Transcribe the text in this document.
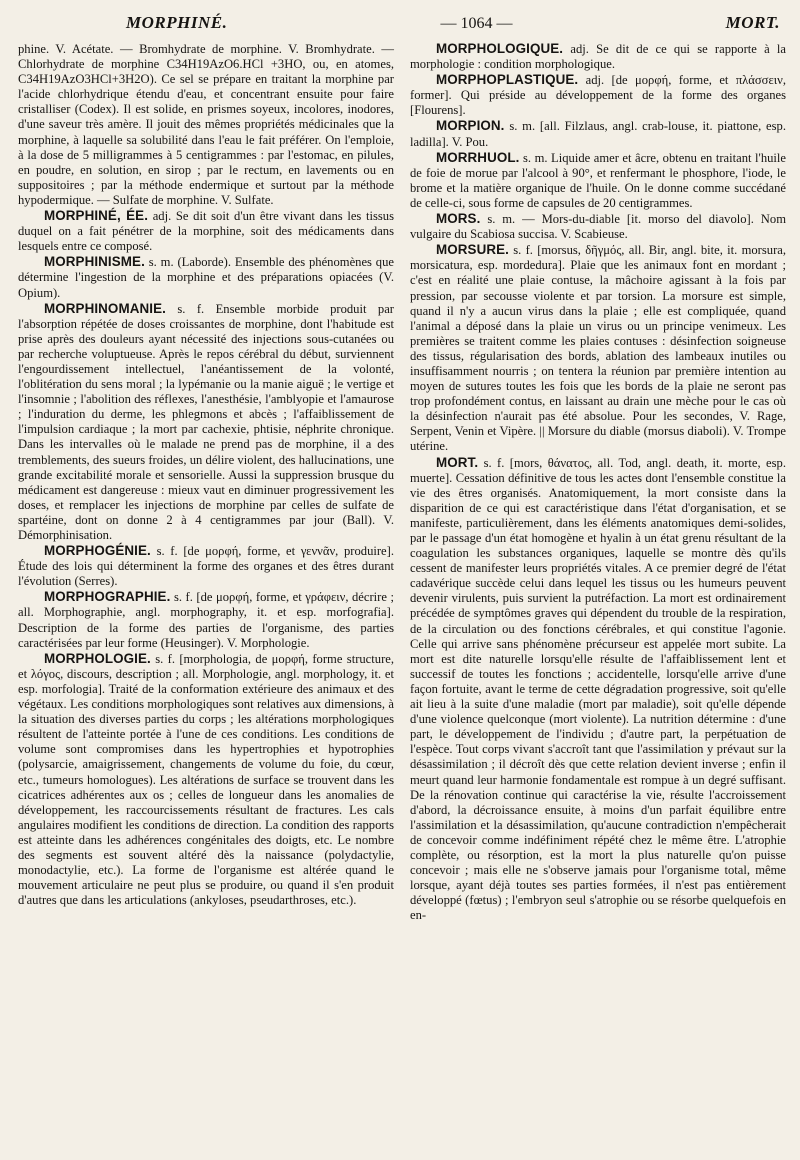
MORPHINÉ.	— 1064 —	MORT.

phine. V. Acétate. — Bromhydrate de morphine. V. Bromhydrate. — Chlorhydrate de morphine C34H19AzO6.HCl +3HO, ou, en atomes, C34H19AzO3HCl+3H2O). Ce sel se prépare en traitant la morphine par l'acide chlorhydrique étendu d'eau, et concentrant ensuite pour faire cristalliser (Codex). Il est solide, en prismes soyeux, incolores, inodores, d'une saveur très amère. Il jouit des mêmes propriétés médicinales que la morphine, à laquelle sa solubilité dans l'eau le fait préférer. On l'emploie, à la dose de 5 milligrammes à 5 centigrammes : par l'estomac, en pilules, en poudre, en solution, en sirop ; par le rectum, en lavements ou en suppositoires ; par la méthode endermique et surtout par la méthode hypodermique. — Sulfate de morphine. V. Sulfate.

MORPHINÉ, ÉE. adj. Se dit soit d'un être vivant dans les tissus duquel on a fait pénétrer de la morphine, soit des médicaments dans lesquels entre ce composé.

MORPHINISME. s. m. (Laborde). Ensemble des phénomènes que détermine l'ingestion de la morphine et des préparations opiacées (V. Opium).

MORPHINOMANIE. s. f. Ensemble morbide produit par l'absorption répétée de doses croissantes de morphine, dont l'habitude est prise après des douleurs ayant nécessité des injections sous-cutanées ou par recherche voluptueuse. Après le repos cérébral du début, surviennent l'engourdissement intellectuel, l'anéantissement de la volonté, l'oblitération du sens moral ; la lypémanie ou la manie aiguë ; le vertige et l'insomnie ; l'abolition des réflexes, l'anesthésie, l'amblyopie et l'amaurose ; l'induration du derme, les phlegmons et abcès ; l'affaiblissement de l'impulsion cardiaque ; la mort par cachexie, phtisie, néphrite chronique. Dans les intervalles où le malade ne prend pas de morphine, il a des tremblements, des sueurs froides, un délire violent, des hallucinations, une grande excitabilité morale et sensorielle. Aussi la suppression brusque du médicament est dangereuse : mieux vaut en diminuer progressivement les doses, et remplacer les injections de morphine par celles de sulfate de spartéine, dont on donne 2 à 4 centigrammes par jour (Ball). V. Démorphinisation.

MORPHOGÉNIE. s. f. [de μορφή, forme, et γεννᾶν, produire]. Étude des lois qui déterminent la forme des organes et des êtres durant l'évolution (Serres).

MORPHOGRAPHIE. s. f. [de μορφή, forme, et γράφειν, décrire ; all. Morphographie, angl. morphography, it. et esp. morfografia]. Description de la forme des parties de l'organisme, des parties caractérisées par leur forme (Heusinger). V. Morphologie.

MORPHOLOGIE. s. f. [morphologia, de μορφή, forme structure, et λόγος, discours, description ; all. Morphologie, angl. morphology, it. et esp. morfologia]. Traité de la conformation extérieure des animaux et des végétaux. Les conditions morphologiques sont relatives aux dimensions, à la situation des diverses parties du corps ; les altérations morphologiques résultent de l'atteinte portée à l'une de ces conditions. Les conditions de volume sont compromises dans les hypertrophies et hypotrophies (polysarcie, amaigrissement, changements de volume du foie, du cœur, etc., tumeurs homologues). Les altérations de surface se trouvent dans les cicatrices adhérentes aux os ; celles de longueur dans les anomalies de développement, les raccourcissements résultant de fractures. Les cals angulaires modifient les conditions de direction. La condition des rapports est atteinte dans les adhérences congénitales des doigts, etc. Le nombre des segments est souvent altéré dès la naissance (polydactylie, monodactylie, etc.). La forme de l'organisme est altérée quand le mouvement articulaire ne peut plus se produire, ou quand il s'en produit d'autres que dans les articulations (ankyloses, pseudarthroses, etc.).

MORPHOLOGIQUE. adj. Se dit de ce qui se rapporte à la morphologie : condition morphologique.

MORPHOPLASTIQUE. adj. [de μορφή, forme, et πλάσσειν, former]. Qui préside au développement de la forme des organes [Flourens].

MORPION. s. m. [all. Filzlaus, angl. crab-louse, it. piattone, esp. ladilla]. V. Pou.

MORRHUOL. s. m. Liquide amer et âcre, obtenu en traitant l'huile de foie de morue par l'alcool à 90°, et renfermant le phosphore, l'iode, le brome et la matière organique de l'huile. On le donne comme succédané de celle-ci, sous forme de capsules de 20 centigrammes.

MORS. s. m. — Mors-du-diable [it. morso del diavolo]. Nom vulgaire du Scabiosa succisa. V. Scabieuse.

MORSURE. s. f. [morsus, δῆγμός, all. Bir, angl. bite, it. morsura, morsicatura, esp. mordedura]. Plaie que les animaux font en mordant ; c'est en réalité une plaie contuse, la mâchoire agissant à la fois par pression, par secousse violente et par torsion. La morsure est simple, quand il n'y a aucun virus dans la plaie ; elle est compliquée, quand l'animal a déposé dans la plaie un virus ou un principe venimeux. Les premières se traitent comme les plaies contuses : désinfection soigneuse des tissus, régularisation des bords, ablation des lambeaux inutiles ou insuffisamment nourris ; on tentera la réunion par première intention au moyen de sutures toutes les fois que les bords de la plaie ne seront pas trop profondément contus, en laissant au drain une mèche pour le cas où la désinfection n'aurait pas été absolue. Pour les secondes, V. Rage, Serpent, Venin et Vipère. || Morsure du diable (morsus diaboli). V. Trompe utérine.

MORT. s. f. [mors, θάνατος, all. Tod, angl. death, it. morte, esp. muerte]. Cessation définitive de tous les actes dont l'ensemble constitue la vie des êtres organisés. Anatomiquement, la mort consiste dans la disparition de ce qui est caractéristique dans l'état d'organisation, et se manifeste, particulièrement, dans les éléments anatomiques demi-solides, par le passage d'un état homogène et hyalin à un état grenu résultant de la coagulation les substances organiques, laquelle se montre dès qu'ils cessent de manifester leurs propriétés vitales. A ce premier degré de l'état cadavérique succède celui dans lequel les tissus ou les humeurs peuvent devenir virulents, puis survient la putréfaction. La mort est ordinairement précédée de symptômes graves qui dépendent du trouble de la respiration, de la circulation ou des fonctions cérébrales, et qui constitue l'agonie. Celle qui arrive sans phénomène précurseur est appelée mort subite. La mort est dite naturelle lorsqu'elle résulte de l'affaiblissement lent et successif de toutes les fonctions ; accidentelle, lorsqu'elle arrive d'une façon fortuite, avant le terme de cette dégradation progressive, soit qu'elle ait lieu à la suite d'une maladie (mort par maladie), soit qu'elle dépende d'une violence quelconque (mort violente). La nutrition détermine : d'une part, le développement de l'individu ; d'autre part, la perpétuation de l'espèce. Tout corps vivant s'accroît tant que l'assimilation y prévaut sur la désassimilation ; il décroît dès que cette relation devient inverse ; enfin il meurt quand leur harmonie fondamentale est rompue à un degré suffisant. De la rénovation continue qui caractérise la vie, résulte l'accroissement d'abord, la décroissance ensuite, à moins d'un parfait équilibre entre l'assimilation et la désassimilation, qu'aucune contradiction n'empêcherait de concevoir comme indéfiniment répété chez le même être. L'atrophie complète, ou résorption, est la mort la plus naturelle qu'on puisse concevoir ; mais elle ne s'observe jamais pour l'organisme total, même lorsque, ayant déjà toutes ses parties formées, il n'est pas entièrement développé (fœtus) ; l'embryon seul s'atrophie ou se résorbe quelquefois en en-
